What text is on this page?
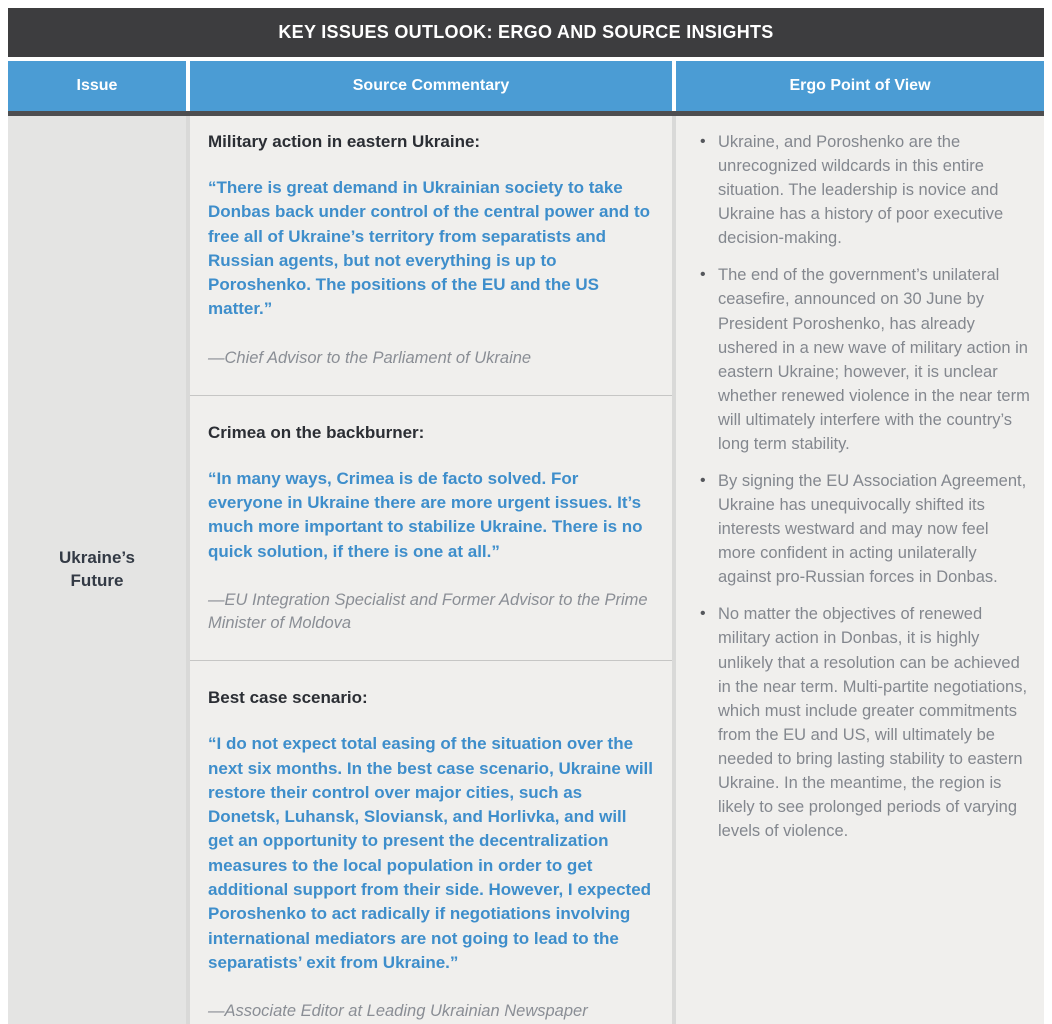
KEY ISSUES OUTLOOK: ERGO AND SOURCE INSIGHTS
Issue	Source Commentary	Ergo Point of View
Ukraine’s Future
Military action in eastern Ukraine:

“There is great demand in Ukrainian society to take Donbas back under control of the central power and to free all of Ukraine’s territory from separatists and Russian agents, but not everything is up to Poroshenko. The positions of the EU and the US matter.”

—Chief Advisor to the Parliament of Ukraine

Crimea on the backburner:

“In many ways, Crimea is de facto solved. For everyone in Ukraine there are more urgent issues. It’s much more important to stabilize Ukraine. There is no quick solution, if there is one at all.”

—EU Integration Specialist and Former Advisor to the Prime Minister of Moldova

Best case scenario:

“I do not expect total easing of the situation over the next six months. In the best case scenario, Ukraine will restore their control over major cities, such as Donetsk, Luhansk, Sloviansk, and Horlivka, and will get an opportunity to present the decentralization measures to the local population in order to get additional support from their side. However, I expected Poroshenko to act radically if negotiations involving international mediators are not going to lead to the separatists’ exit from Ukraine.”

—Associate Editor at Leading Ukrainian Newspaper

• Ukraine, and Poroshenko are the unrecognized wildcards in this entire situation. The leadership is novice and Ukraine has a history of poor executive decision-making.
• The end of the government’s unilateral ceasefire, announced on 30 June by President Poroshenko, has already ushered in a new wave of military action in eastern Ukraine; however, it is unclear whether renewed violence in the near term will ultimately interfere with the country’s long term stability.
• By signing the EU Association Agreement, Ukraine has unequivocally shifted its interests westward and may now feel more confident in acting unilaterally against pro-Russian forces in Donbas.
• No matter the objectives of renewed military action in Donbas, it is highly unlikely that a resolution can be achieved in the near term. Multi-partite negotiations, which must include greater commitments from the EU and US, will ultimately be needed to bring lasting stability to eastern Ukraine. In the meantime, the region is likely to see prolonged periods of varying levels of violence.
